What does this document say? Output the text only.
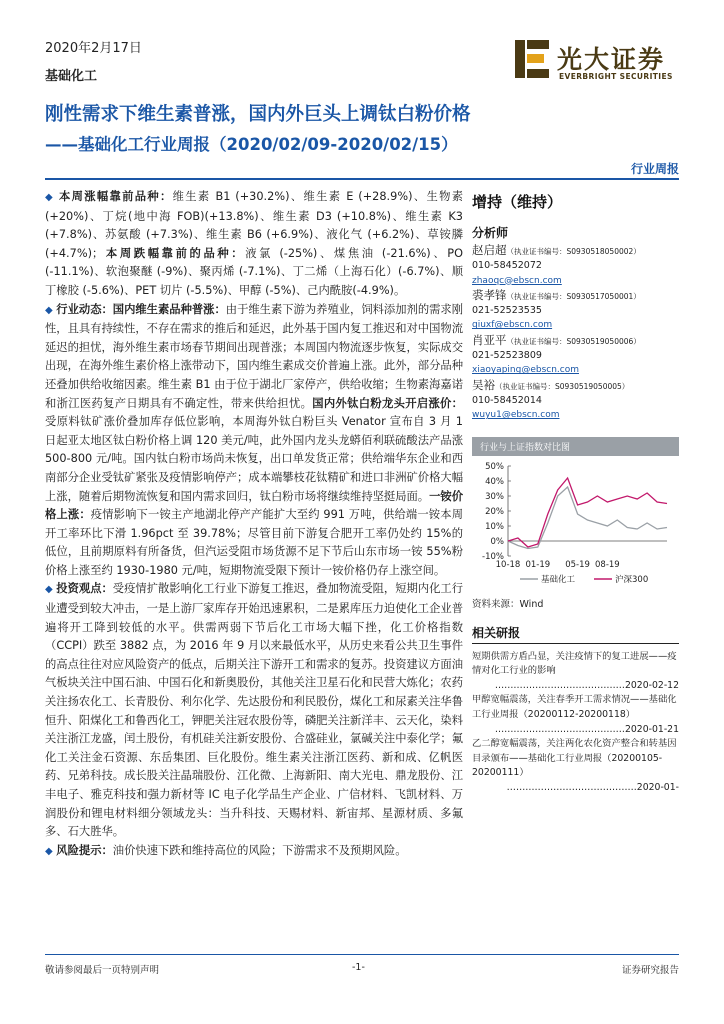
2020年2月17日
基础化工
光大证券
EVERBRIGHT SECURITIES
刚性需求下维生素普涨，国内外巨头上调钛白粉价格
——基础化工行业周报（2020/02/09-2020/02/15）
行业周报

◆ 本周涨幅靠前品种：维生素 B1 (+30.2%)、维生素 E (+28.9%)、生物素(+20%)、丁烷(地中海 FOB)(+13.8%)、维生素 D3 (+10.8%)、维生素 K3 (+7.8%)、苏氨酸 (+7.3%)、维生素 B6 (+6.9%)、液化气 (+6.2%)、草铵膦 (+4.7%)；本周跌幅靠前的品种：液氯 (-25%)、煤焦油 (-21.6%)、PO (-11.1%)、软泡聚醚 (-9%)、聚丙烯 (-7.1%)、丁二烯（上海石化）(-6.7%)、顺丁橡胶 (-5.6%)、PET 切片 (-5.5%)、甲醇 (-5%)、己内酰胺(-4.9%)。

◆ 行业动态：国内维生素品种普涨：由于维生素下游为养殖业，饲料添加剂的需求刚性，且具有持续性，不存在需求的推后和延迟，此外基于国内复工推迟和对中国物流延迟的担忧，海外维生素市场春节期间出现普涨；本周国内物流逐步恢复，实际成交出现，在海外维生素价格上涨带动下，国内维生素成交价普遍上涨。此外，部分品种还叠加供给收缩因素。维生素 B1 由于位于湖北厂家停产，供给收缩；生物素海嘉诺和浙江医药复产日期具有不确定性，带来供给担忧。国内外钛白粉龙头开启涨价：受原料钛矿涨价叠加库存低位影响，本周海外钛白粉巨头 Venator 宣布自 3 月 1 日起亚太地区钛白粉价格上调 120 美元/吨，此外国内龙头龙蟒佰利联硫酸法产品涨 500-800 元/吨。国内钛白粉市场尚未恢复，出口单发货正常；供给端华东企业和西南部分企业受钛矿紧张及疫情影响停产；成本端攀枝花钛精矿和进口非洲矿价格大幅上涨，随着后期物流恢复和国内需求回归，钛白粉市场将继续维持坚挺局面。一铵价格上涨：疫情影响下一铵主产地湖北停产产能扩大至约 991 万吨，供给端一铵本周开工率环比下滑 1.96pct 至 39.78%；尽管目前下游复合肥开工率仍处约 15%的低位，且前期原料有所备货，但汽运受阻市场货源不足下节后山东市场一铵 55%粉价格上涨至约 1930-1980 元/吨，短期物流受限下预计一铵价格仍存上涨空间。

◆ 投资观点：受疫情扩散影响化工行业下游复工推迟，叠加物流受阻，短期内化工行业遭受到较大冲击，一是上游厂家库存开始迅速累积，二是累库压力迫使化工企业普遍将开工降到较低的水平。供需两弱下节后化工市场大幅下挫，化工价格指数（CCPI）跌至 3882 点，为 2016 年 9 月以来最低水平，从历史来看公共卫生事件的高点往往对应风险资产的低点，后期关注下游开工和需求的复苏。投资建议方面油气板块关注中国石油、中国石化和新奥股份，其他关注卫星石化和民营大炼化；农药关注扬农化工、长青股份、利尔化学、先达股份和利民股份，煤化工和尿素关注华鲁恒升、阳煤化工和鲁西化工，钾肥关注冠农股份等，磷肥关注新洋丰、云天化，染料关注浙江龙盛，闰土股份，有机硅关注新安股份、合盛硅业，氯碱关注中泰化学；氟化工关注金石资源、东岳集团、巨化股份。维生素关注浙江医药、新和成、亿帆医药、兄弟科技。成长股关注晶瑞股份、江化微、上海新阳、南大光电、鼎龙股份、江丰电子、雅克科技和强力新材等 IC 电子化学品生产企业、广信材料、飞凯材料、万润股份和锂电材料细分领域龙头：当升科技、天赐材料、新宙邦、星源材质、多氟多、石大胜华。

◆ 风险提示：油价快速下跌和维持高位的风险；下游需求不及预期风险。

增持（维持）
分析师
赵启超（执业证书编号：S0930518050002）
010-58452072
zhaoqc@ebscn.com
裘孝锋（执业证书编号：S0930517050001）
021-52523535
qiuxf@ebscn.com
肖亚平（执业证书编号：S0930519050006）
021-52523809
xiaoyaping@ebscn.com
吴裕（执业证书编号：S0930519050005）
010-58452014
wuyu1@ebscn.com
行业与上证指数对比图
50%
40%
30%
20%
10%
0%
-10%
10-18 01-19 05-19 08-19
基础化工	沪深300
资料来源：Wind
相关研报
短期供需方盾凸显，关注疫情下的复工进展——疫情对化工行业的影响
……………………………………2020-02-12
甲醇宽幅震荡，关注春季开工需求情况——基础化工行业周报（20200112-20200118）
……………………………………2020-01-21
乙二醇宽幅震荡，关注两化农化资产整合和转基因目录颁布——基础化工行业周报（20200105-20200111）
……………………………………2020-01-
敬请参阅最后一页特别声明	-1-	证券研究报告
